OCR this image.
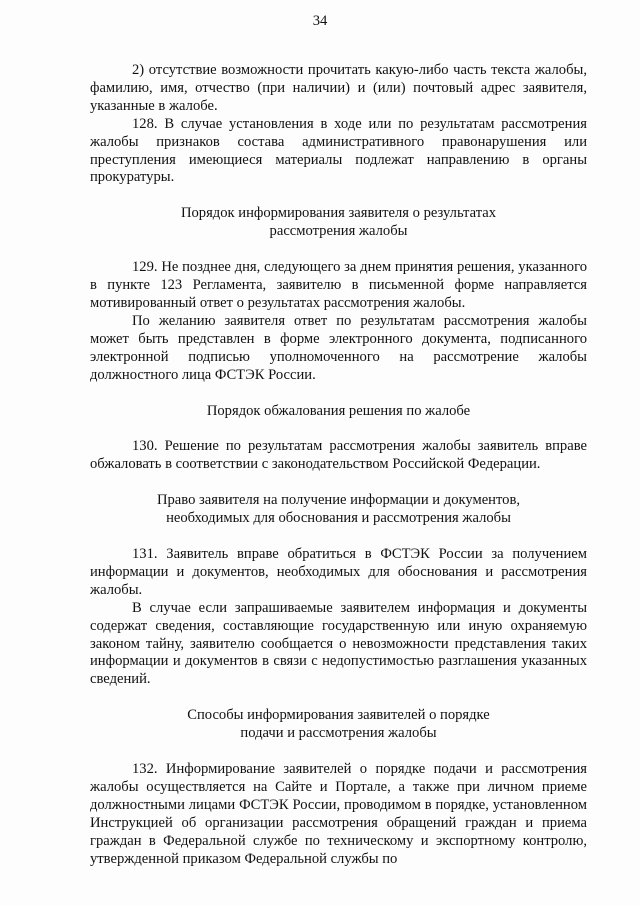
34

2) отсутствие возможности прочитать какую-либо часть текста жалобы, фамилию, имя, отчество (при наличии) и (или) почтовый адрес заявителя, указанные в жалобе.

128. В случае установления в ходе или по результатам рассмотрения жалобы признаков состава административного правонарушения или преступления имеющиеся материалы подлежат направлению в органы прокуратуры.

Порядок информирования заявителя о результатах
рассмотрения жалобы

129. Не позднее дня, следующего за днем принятия решения, указанного в пункте 123 Регламента, заявителю в письменной форме направляется мотивированный ответ о результатах рассмотрения жалобы.

По желанию заявителя ответ по результатам рассмотрения жалобы может быть представлен в форме электронного документа, подписанного электронной подписью уполномоченного на рассмотрение жалобы должностного лица ФСТЭК России.

Порядок обжалования решения по жалобе

130. Решение по результатам рассмотрения жалобы заявитель вправе обжаловать в соответствии с законодательством Российской Федерации.

Право заявителя на получение информации и документов,
необходимых для обоснования и рассмотрения жалобы

131. Заявитель вправе обратиться в ФСТЭК России за получением информации и документов, необходимых для обоснования и рассмотрения жалобы.

В случае если запрашиваемые заявителем информация и документы содержат сведения, составляющие государственную или иную охраняемую законом тайну, заявителю сообщается о невозможности представления таких информации и документов в связи с недопустимостью разглашения указанных сведений.

Способы информирования заявителей о порядке
подачи и рассмотрения жалобы

132. Информирование заявителей о порядке подачи и рассмотрения жалобы осуществляется на Сайте и Портале, а также при личном приеме должностными лицами ФСТЭК России, проводимом в порядке, установленном Инструкцией об организации рассмотрения обращений граждан и приема граждан в Федеральной службе по техническому и экспортному контролю, утвержденной приказом Федеральной службы по
